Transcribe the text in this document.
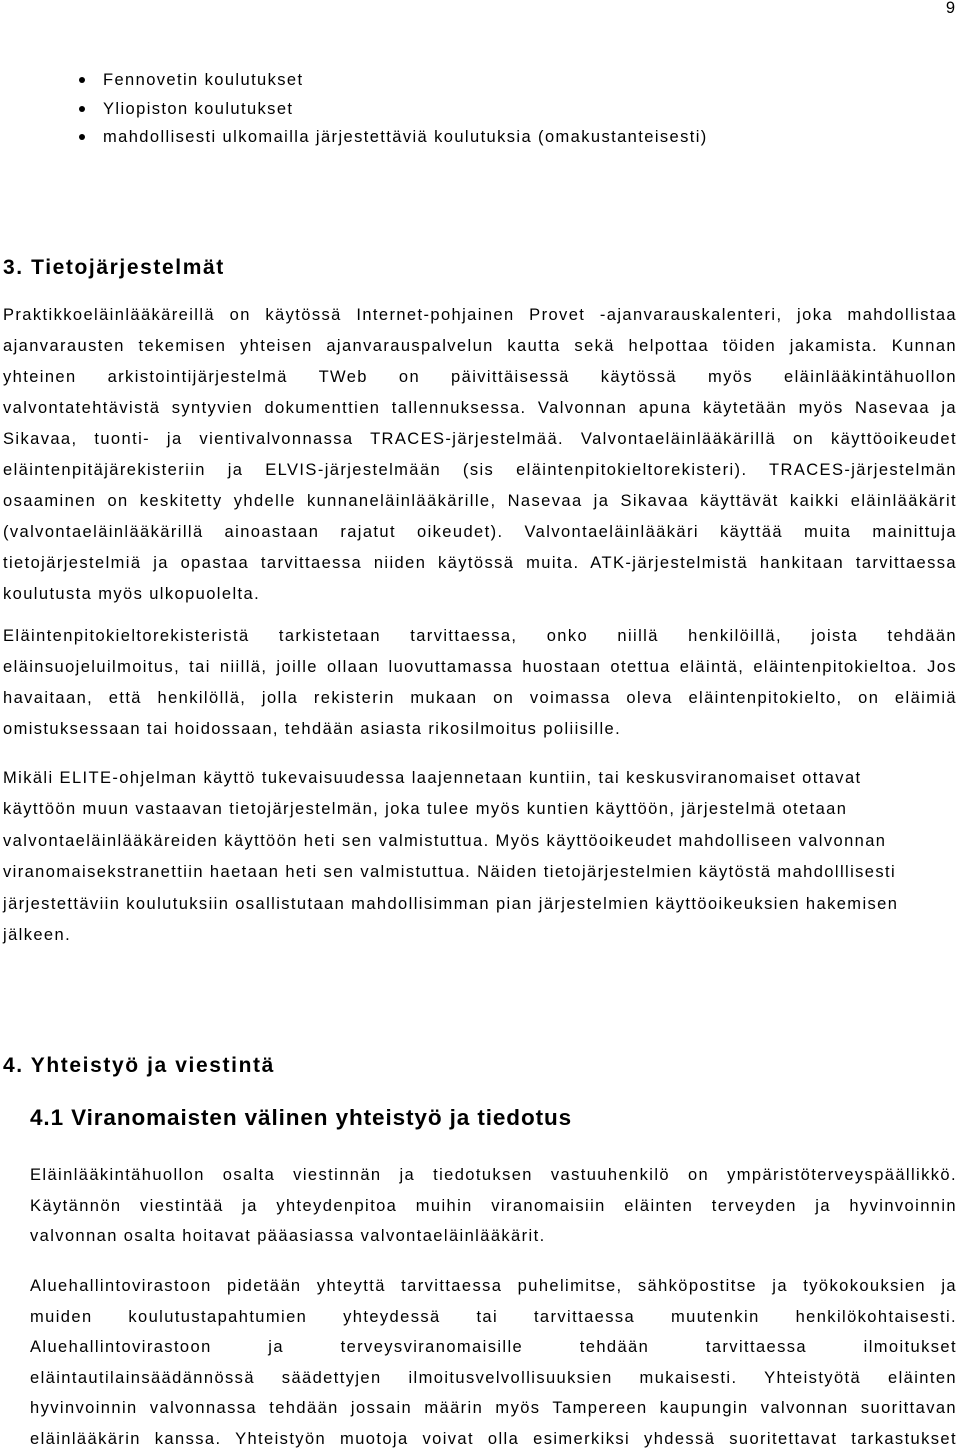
9
Fennovetin koulutukset
Yliopiston koulutukset
mahdollisesti ulkomailla järjestettäviä koulutuksia (omakustanteisesti)
3. Tietojärjestelmät
Praktikkoeläinlääkäreillä on käytössä Internet-pohjainen Provet -ajanvarauskalenteri, joka mahdollistaa
ajanvarausten tekemisen yhteisen ajanvarauspalvelun kautta sekä helpottaa töiden jakamista. Kunnan
yhteinen arkistointijärjestelmä TWeb on päivittäisessä käytössä myös eläinlääkintähuollon
valvontatehtävistä syntyvien dokumenttien tallennuksessa. Valvonnan apuna käytetään myös Nasevaa ja
Sikavaa, tuonti- ja vientivalvonnassa TRACES-järjestelmää. Valvontaeläinlääkärillä on käyttöoikeudet
eläintenpitäjärekisteriin ja ELVIS-järjestelmään (sis eläintenpitokieltorekisteri). TRACES-järjestelmän
osaaminen on keskitetty yhdelle kunnaneläinlääkärille, Nasevaa ja Sikavaa käyttävät kaikki eläinlääkärit
(valvontaeläinlääkärillä ainoastaan rajatut oikeudet). Valvontaeläinlääkäri käyttää muita mainittuja
tietojärjestelmiä ja opastaa tarvittaessa niiden käytössä muita. ATK-järjestelmistä hankitaan tarvittaessa
koulutusta myös ulkopuolelta.
Eläintenpitokieltorekisteristä tarkistetaan tarvittaessa, onko niillä henkilöillä, joista tehdään
eläinsuojeluilmoitus, tai niillä, joille ollaan luovuttamassa huostaan otettua eläintä, eläintenpitokieltoa. Jos
havaitaan, että henkilöllä, jolla rekisterin mukaan on voimassa oleva eläintenpitokielto, on eläimiä
omistuksessaan tai hoidossaan, tehdään asiasta rikosilmoitus poliisille.
Mikäli ELITE-ohjelman käyttö tukevaisuudessa laajennetaan kuntiin, tai keskusviranomaiset ottavat
käyttöön muun vastaavan tietojärjestelmän, joka tulee myös kuntien käyttöön, järjestelmä otetaan
valvontaeläinlääkäreiden käyttöön heti sen valmistuttua. Myös käyttöoikeudet mahdolliseen valvonnan
viranomaisekstranettiin haetaan heti sen valmistuttua. Näiden tietojärjestelmien käytöstä mahdolllisesti
järjestettäviin koulutuksiin osallistutaan mahdollisimman pian järjestelmien käyttöoikeuksien hakemisen
jälkeen.
4. Yhteistyö ja viestintä
4.1 Viranomaisten välinen yhteistyö ja tiedotus
Eläinlääkintähuollon osalta viestinnän ja tiedotuksen vastuuhenkilö on ympäristöterveyspäällikkö.
Käytännön viestintää ja yhteydenpitoa muihin viranomaisiin eläinten terveyden ja hyvinvoinnin
valvonnan osalta hoitavat pääasiassa valvontaeläinlääkärit.
Aluehallintovirastoon pidetään yhteyttä tarvittaessa puhelimitse, sähköpostitse ja työkokouksien ja
muiden koulutustapahtumien yhteydessä tai tarvittaessa muutenkin henkilökohtaisesti.
Aluehallintovirastoon ja terveysviranomaisille tehdään tarvittaessa ilmoitukset
eläintautilainsäädännössä säädettyjen ilmoitusvelvollisuuksien mukaisesti. Yhteistyötä eläinten
hyvinvoinnin valvonnassa tehdään jossain määrin myös Tampereen kaupungin valvonnan suorittavan
eläinlääkärin kanssa. Yhteistyön muotoja voivat olla esimerkiksi yhdessä suoritettavat tarkastukset
